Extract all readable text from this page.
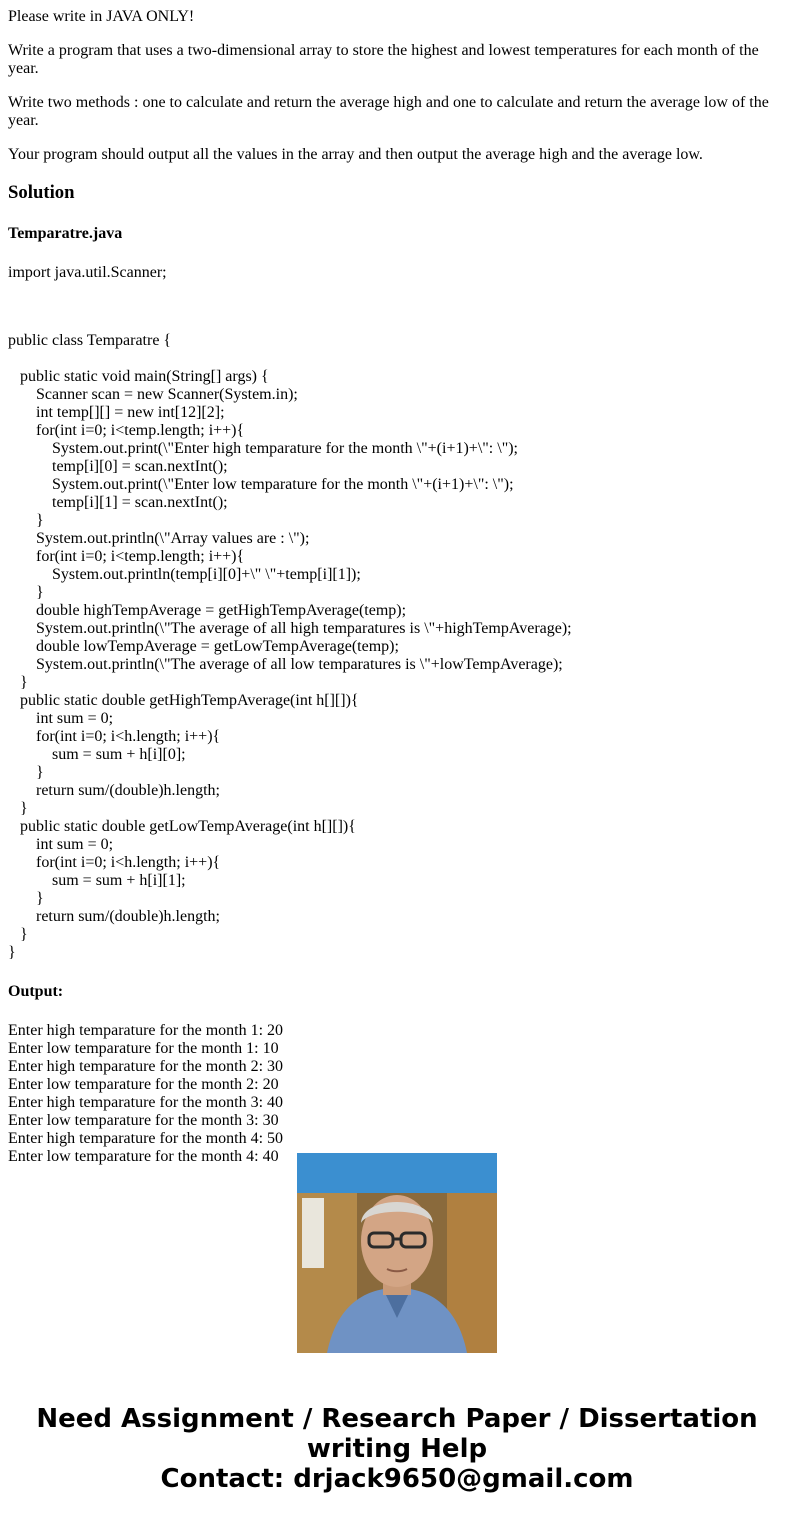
Please write in JAVA ONLY!

Write a program that uses a two-dimensional array to store the highest and lowest temperatures for each month of the year.

Write two methods : one to calculate and return the average high and one to calculate and return the average low of the year.

Your program should output all the values in the array and then output the average high and the average low.

Solution
Temparatre.java

import java.util.Scanner;

public class Temparatre {
public static void main(String[] args) {
Scanner scan = new Scanner(System.in);
int temp[][] = new int[12][2];
for(int i=0; i<temp.length; i++){
System.out.print(\"Enter high temparature for the month \"+(i+1)+\": \");
temp[i][0] = scan.nextInt();
System.out.print(\"Enter low temparature for the month \"+(i+1)+\": \");
temp[i][1] = scan.nextInt();
}
System.out.println(\"Array values are : \");
for(int i=0; i<temp.length; i++){
System.out.println(temp[i][0]+\" \"+temp[i][1]);
}
double highTempAverage = getHighTempAverage(temp);
System.out.println(\"The average of all high temparatures is \"+highTempAverage);
double lowTempAverage = getLowTempAverage(temp);
System.out.println(\"The average of all low temparatures is \"+lowTempAverage);
}
public static double getHighTempAverage(int h[][]){
int sum = 0;
for(int i=0; i<h.length; i++){
sum = sum + h[i][0];
}
return sum/(double)h.length;
}
public static double getLowTempAverage(int h[][]){
int sum = 0;
for(int i=0; i<h.length; i++){
sum = sum + h[i][1];
}
return sum/(double)h.length;
}
}
Output:
Enter high temparature for the month 1: 20
Enter low temparature for the month 1: 10
Enter high temparature for the month 2: 30
Enter low temparature for the month 2: 20
Enter high temparature for the month 3: 40
Enter low temparature for the month 3: 30
Enter high temparature for the month 4: 50
Enter low temparature for the month 4: 40
Need Assignment / Research Paper / Dissertation
writing Help
Contact: drjack9650@gmail.com
